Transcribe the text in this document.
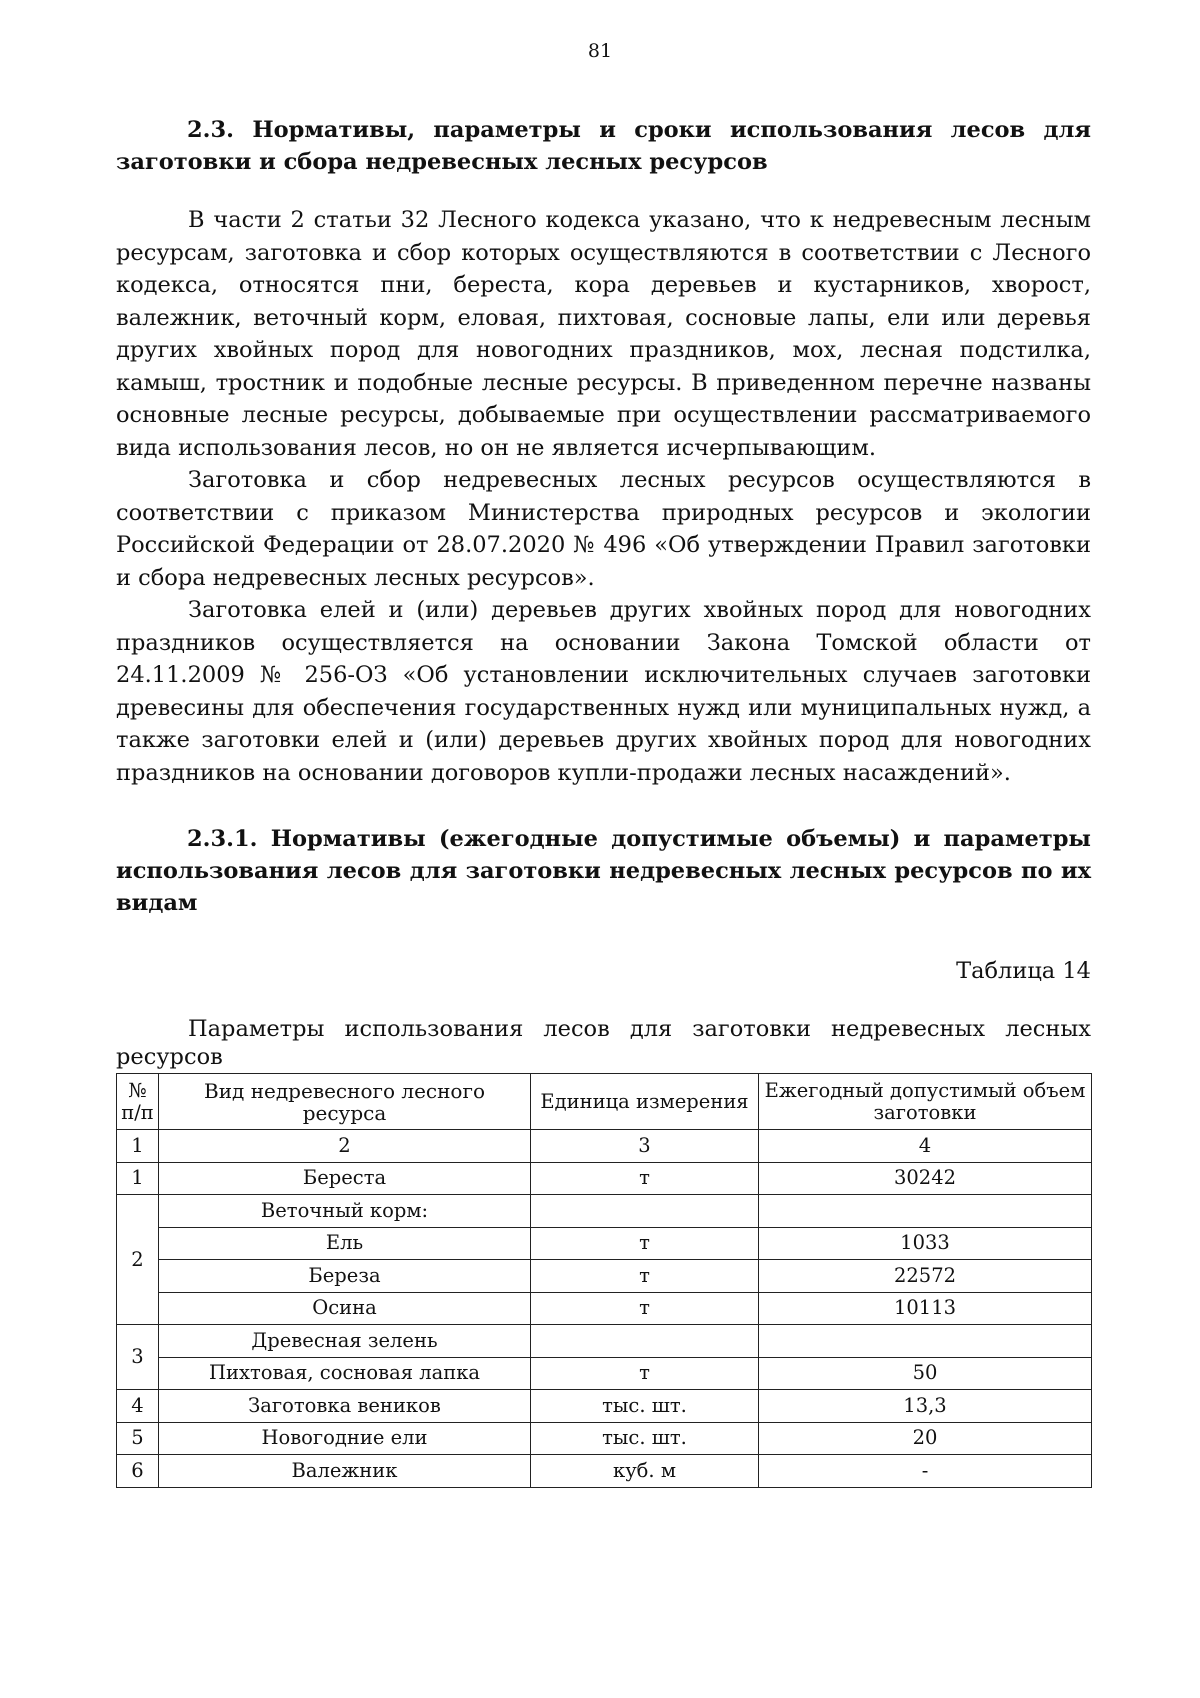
81
2.3. Нормативы, параметры и сроки использования лесов для заготовки и сбора недревесных лесных ресурсов

В части 2 статьи 32 Лесного кодекса указано, что к недревесным лесным ресурсам, заготовка и сбор которых осуществляются в соответствии с Лесного кодекса, относятся пни, береста, кора деревьев и кустарников, хворост, валежник, веточный корм, еловая, пихтовая, сосновые лапы, ели или деревья других хвойных пород для новогодних праздников, мох, лесная подстилка, камыш, тростник и подобные лесные ресурсы. В приведенном перечне названы основные лесные ресурсы, добываемые при осуществлении рассматриваемого вида использования лесов, но он не является исчерпывающим.

Заготовка и сбор недревесных лесных ресурсов осуществляются в соответствии с приказом Министерства природных ресурсов и экологии Российской Федерации от 28.07.2020 № 496 «Об утверждении Правил заготовки и сбора недревесных лесных ресурсов».

Заготовка елей и (или) деревьев других хвойных пород для новогодних праздников осуществляется на основании Закона Томской области от 24.11.2009 № 256-ОЗ «Об установлении исключительных случаев заготовки древесины для обеспечения государственных нужд или муниципальных нужд, а также заготовки елей и (или) деревьев других хвойных пород для новогодних праздников на основании договоров купли-продажи лесных насаждений».

2.3.1. Нормативы (ежегодные допустимые объемы) и параметры использования лесов для заготовки недревесных лесных ресурсов по их видам
Таблица 14
Параметры использования лесов для заготовки недревесных лесных ресурсов
№ п/п	Вид недревесного лесного ресурса	Единица измерения	Ежегодный допустимый объем заготовки
1	2	3	4
1	Береста	т	30242
2	Веточный корм:		
	Ель	т	1033
	Береза	т	22572
	Осина	т	10113
3	Древесная зелень		
	Пихтовая, сосновая лапка	т	50
4	Заготовка веников	тыс. шт.	13,3
5	Новогодние ели	тыс. шт.	20
6	Валежник	куб. м	-
